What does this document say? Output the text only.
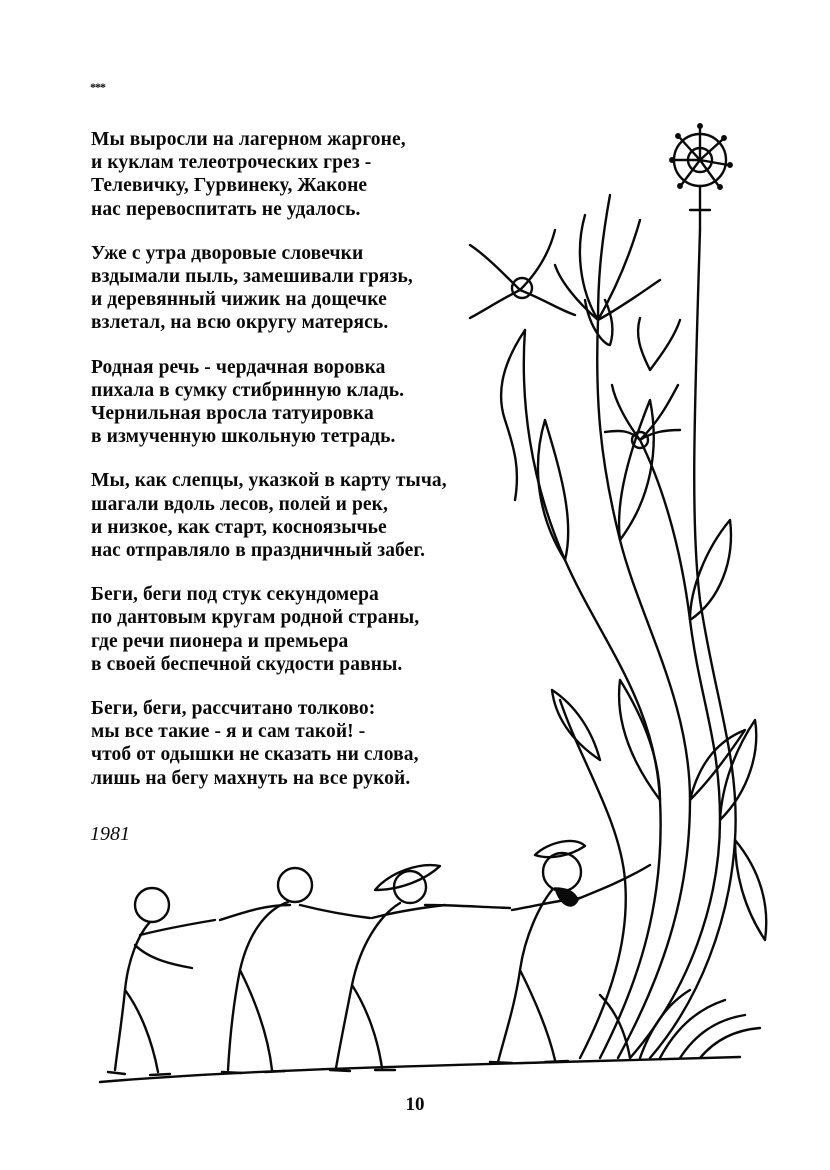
***
Мы выросли на лагерном жаргоне,
и куклам телеотроческих грез -
Телевичку, Гурвинеку, Жаконе
нас перевоспитать не удалось.
Уже с утра дворовые словечки
вздымали пыль, замешивали грязь,
и деревянный чижик на дощечке
взлетал, на всю округу матерясь.
Родная речь - чердачная воровка
пихала в сумку стибринную кладь.
Чернильная вросла татуировка
в измученную школьную тетрадь.
Мы, как слепцы, указкой в карту тыча,
шагали вдоль лесов, полей и рек,
и низкое, как старт, косноязычье
нас отправляло в праздничный забег.
Беги, беги под стук секундомера
по дантовым кругам родной страны,
где речи пионера и премьера
в своей беспечной скудости равны.
Беги, беги, рассчитано толково:
мы все такие - я и сам такой! -
чтоб от одышки не сказать ни слова,
лишь на бегу махнуть на все рукой.
1981
10
